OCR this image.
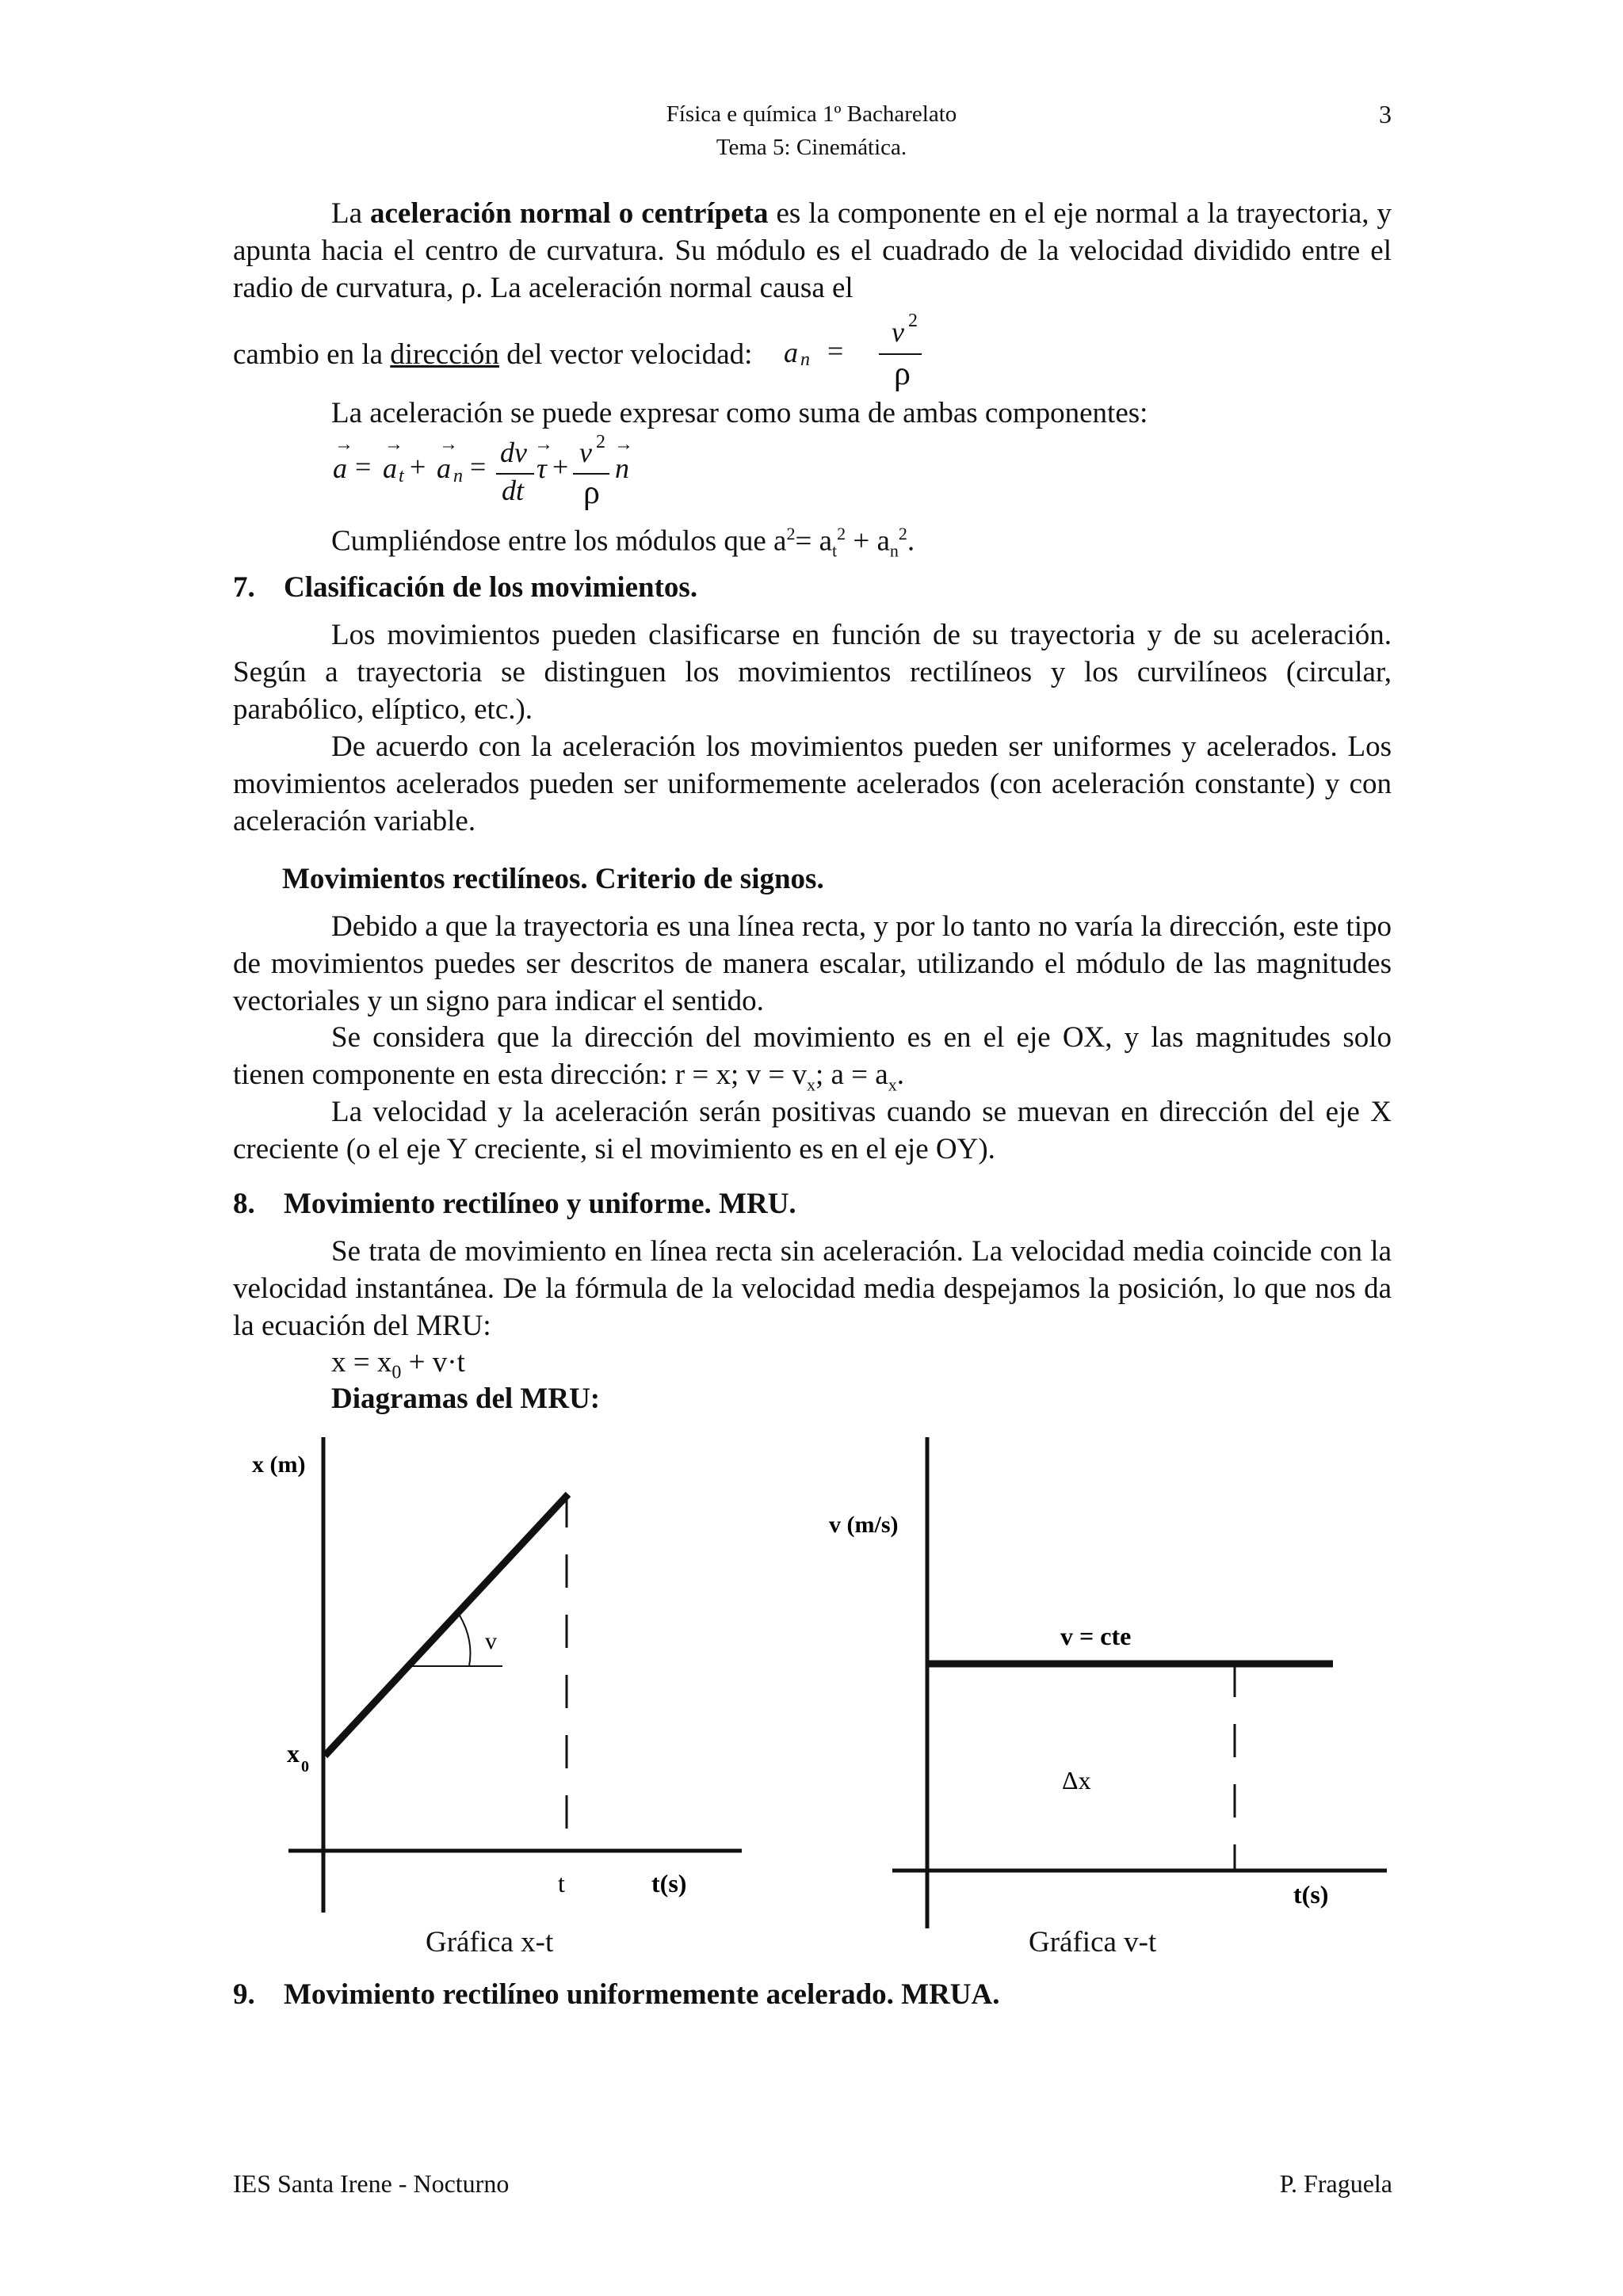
Física e química 1º Bacharelato
Tema 5: Cinemática.
3
La aceleración normal o centrípeta es la componente en el eje normal a la trayectoria, y apunta hacia el centro de curvatura. Su módulo es el cuadrado de la velocidad dividido entre el radio de curvatura, ρ. La aceleración normal causa el
cambio en la dirección del vector velocidad: a n =
v 2
ρ
La aceleración se puede expresar como suma de ambas componentes:
→ → →	→	→
a = a t + a n = dv
dt
τ + v 2
ρ
n
Cumpliéndose entre los módulos que $a^2= a_t^2 + a_n^2$.
7. Clasificación de los movimientos.
Los movimientos pueden clasificarse en función de su trayectoria y de su aceleración. Según a trayectoria se distinguen los movimientos rectilíneos y los curvilíneos (circular, parabólico, elíptico, etc.).
De acuerdo con la aceleración los movimientos pueden ser uniformes y acelerados. Los movimientos acelerados pueden ser uniformemente acelerados (con aceleración constante) y con aceleración variable.
Movimientos rectilíneos. Criterio de signos.
Debido a que la trayectoria es una línea recta, y por lo tanto no varía la dirección, este tipo de movimientos puedes ser descritos de manera escalar, utilizando el módulo de las magnitudes vectoriales y un signo para indicar el sentido.
Se considera que la dirección del movimiento es en el eje OX, y las magnitudes solo tienen componente en esta dirección: r = x; $v = v_x$; $a = a_x$.
La velocidad y la aceleración serán positivas cuando se muevan en dirección del eje X creciente (o el eje Y creciente, si el movimiento es en el eje OY).
8. Movimiento rectilíneo y uniforme. MRU.
Se trata de movimiento en línea recta sin aceleración. La velocidad media coincide con la velocidad instantánea. De la fórmula de la velocidad media despejamos la posición, lo que nos da la ecuación del MRU:
$x = x_0 + v\cdot t$
Diagramas del MRU:
x (m)
x 0
v
t	t(s)
v (m/s)
v = cte
Δx
t(s)
Gráfica x-t	Gráfica v-t
9. Movimiento rectilíneo uniformemente acelerado. MRUA.
IES Santa Irene - Nocturno	P. Fraguela
